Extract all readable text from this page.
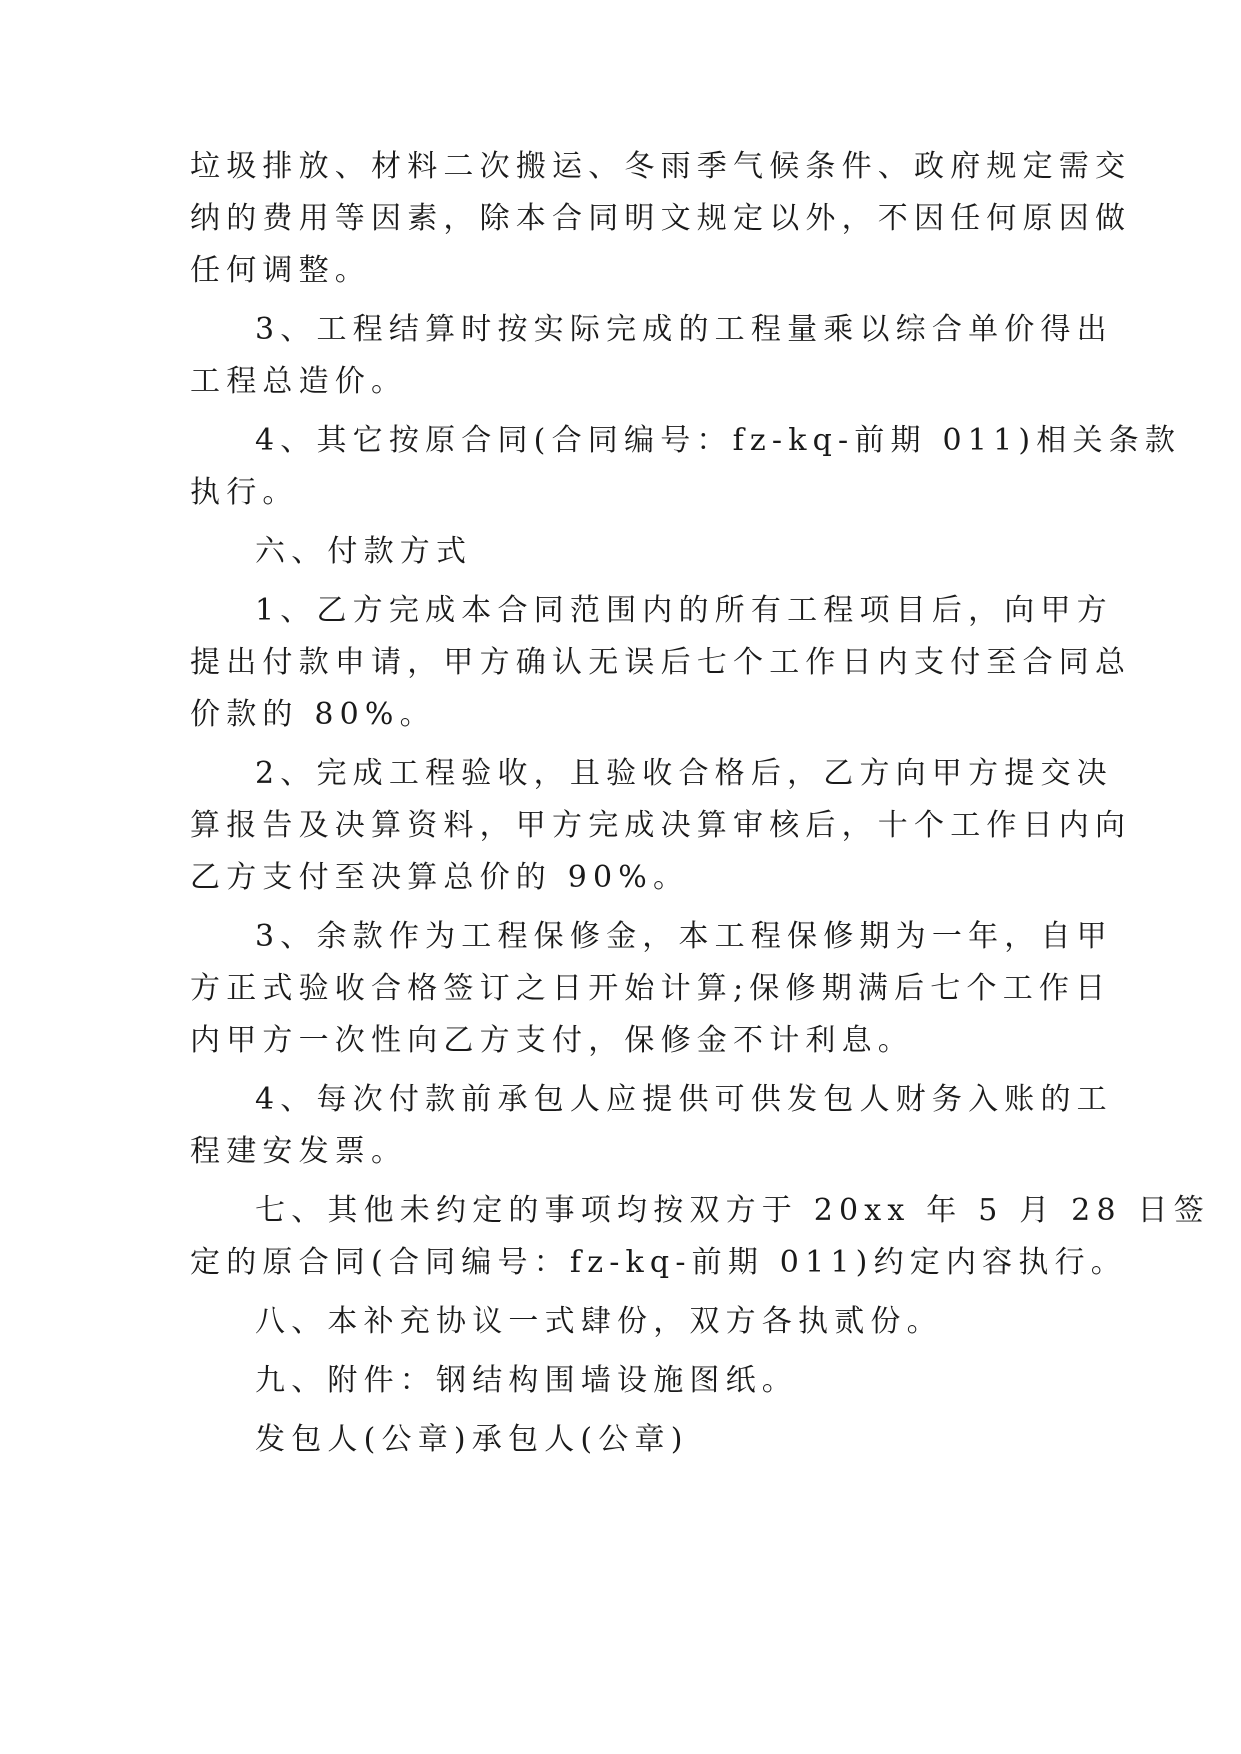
垃圾排放、材料二次搬运、冬雨季气候条件、政府规定需交
纳的费用等因素，除本合同明文规定以外，不因任何原因做
任何调整。
3、工程结算时按实际完成的工程量乘以综合单价得出
工程总造价。
4、其它按原合同(合同编号：fz-kq-前期 011)相关条款
执行。
六、付款方式
1、乙方完成本合同范围内的所有工程项目后，向甲方
提出付款申请，甲方确认无误后七个工作日内支付至合同总
价款的 80%。
2、完成工程验收，且验收合格后，乙方向甲方提交决
算报告及决算资料，甲方完成决算审核后，十个工作日内向
乙方支付至决算总价的 90%。
3、余款作为工程保修金，本工程保修期为一年，自甲
方正式验收合格签订之日开始计算;保修期满后七个工作日
内甲方一次性向乙方支付，保修金不计利息。
4、每次付款前承包人应提供可供发包人财务入账的工
程建安发票。
七、其他未约定的事项均按双方于 20xx 年 5 月 28 日签
定的原合同(合同编号：fz-kq-前期 011)约定内容执行。
八、本补充协议一式肆份，双方各执贰份。
九、附件：钢结构围墙设施图纸。
发包人(公章)承包人(公章)
